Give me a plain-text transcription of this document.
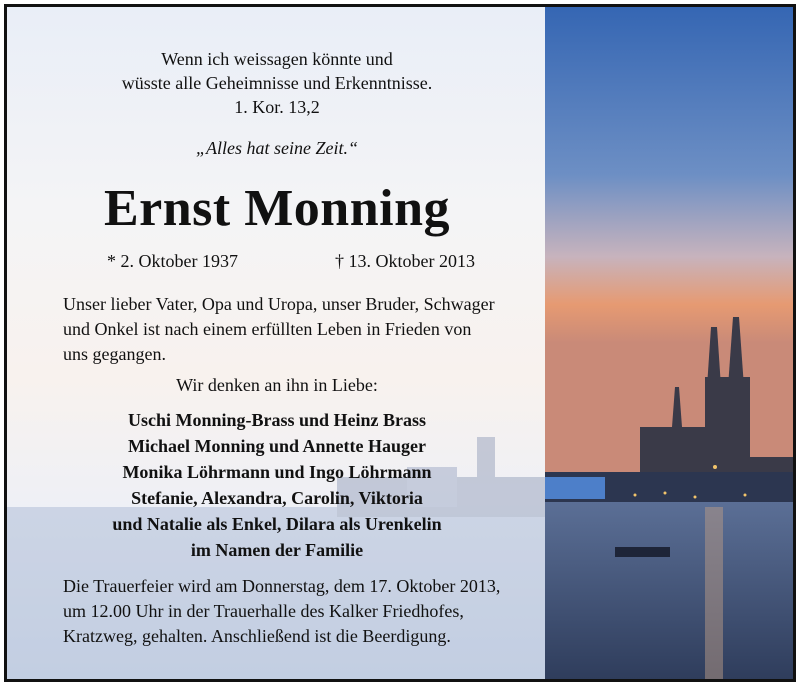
Wenn ich weissagen könnte und
wüsste alle Geheimnisse und Erkenntnisse.
1. Kor. 13,2
„Alles hat seine Zeit.“
Ernst Monning
* 2. Oktober 1937	† 13. Oktober 2013
Unser lieber Vater, Opa und Uropa, unser Bruder, Schwager
und Onkel ist nach einem erfüllten Leben in Frieden von
uns gegangen.
Wir denken an ihn in Liebe:
Uschi Monning-Brass und Heinz Brass
Michael Monning und Annette Hauger
Monika Löhrmann und Ingo Löhrmann
Stefanie, Alexandra, Carolin, Viktoria
und Natalie als Enkel, Dilara als Urenkelin
im Namen der Familie
Die Trauerfeier wird am Donnerstag, dem 17. Oktober 2013,
um 12.00 Uhr in der Trauerhalle des Kalker Friedhofes,
Kratzweg, gehalten. Anschließend ist die Beerdigung.
